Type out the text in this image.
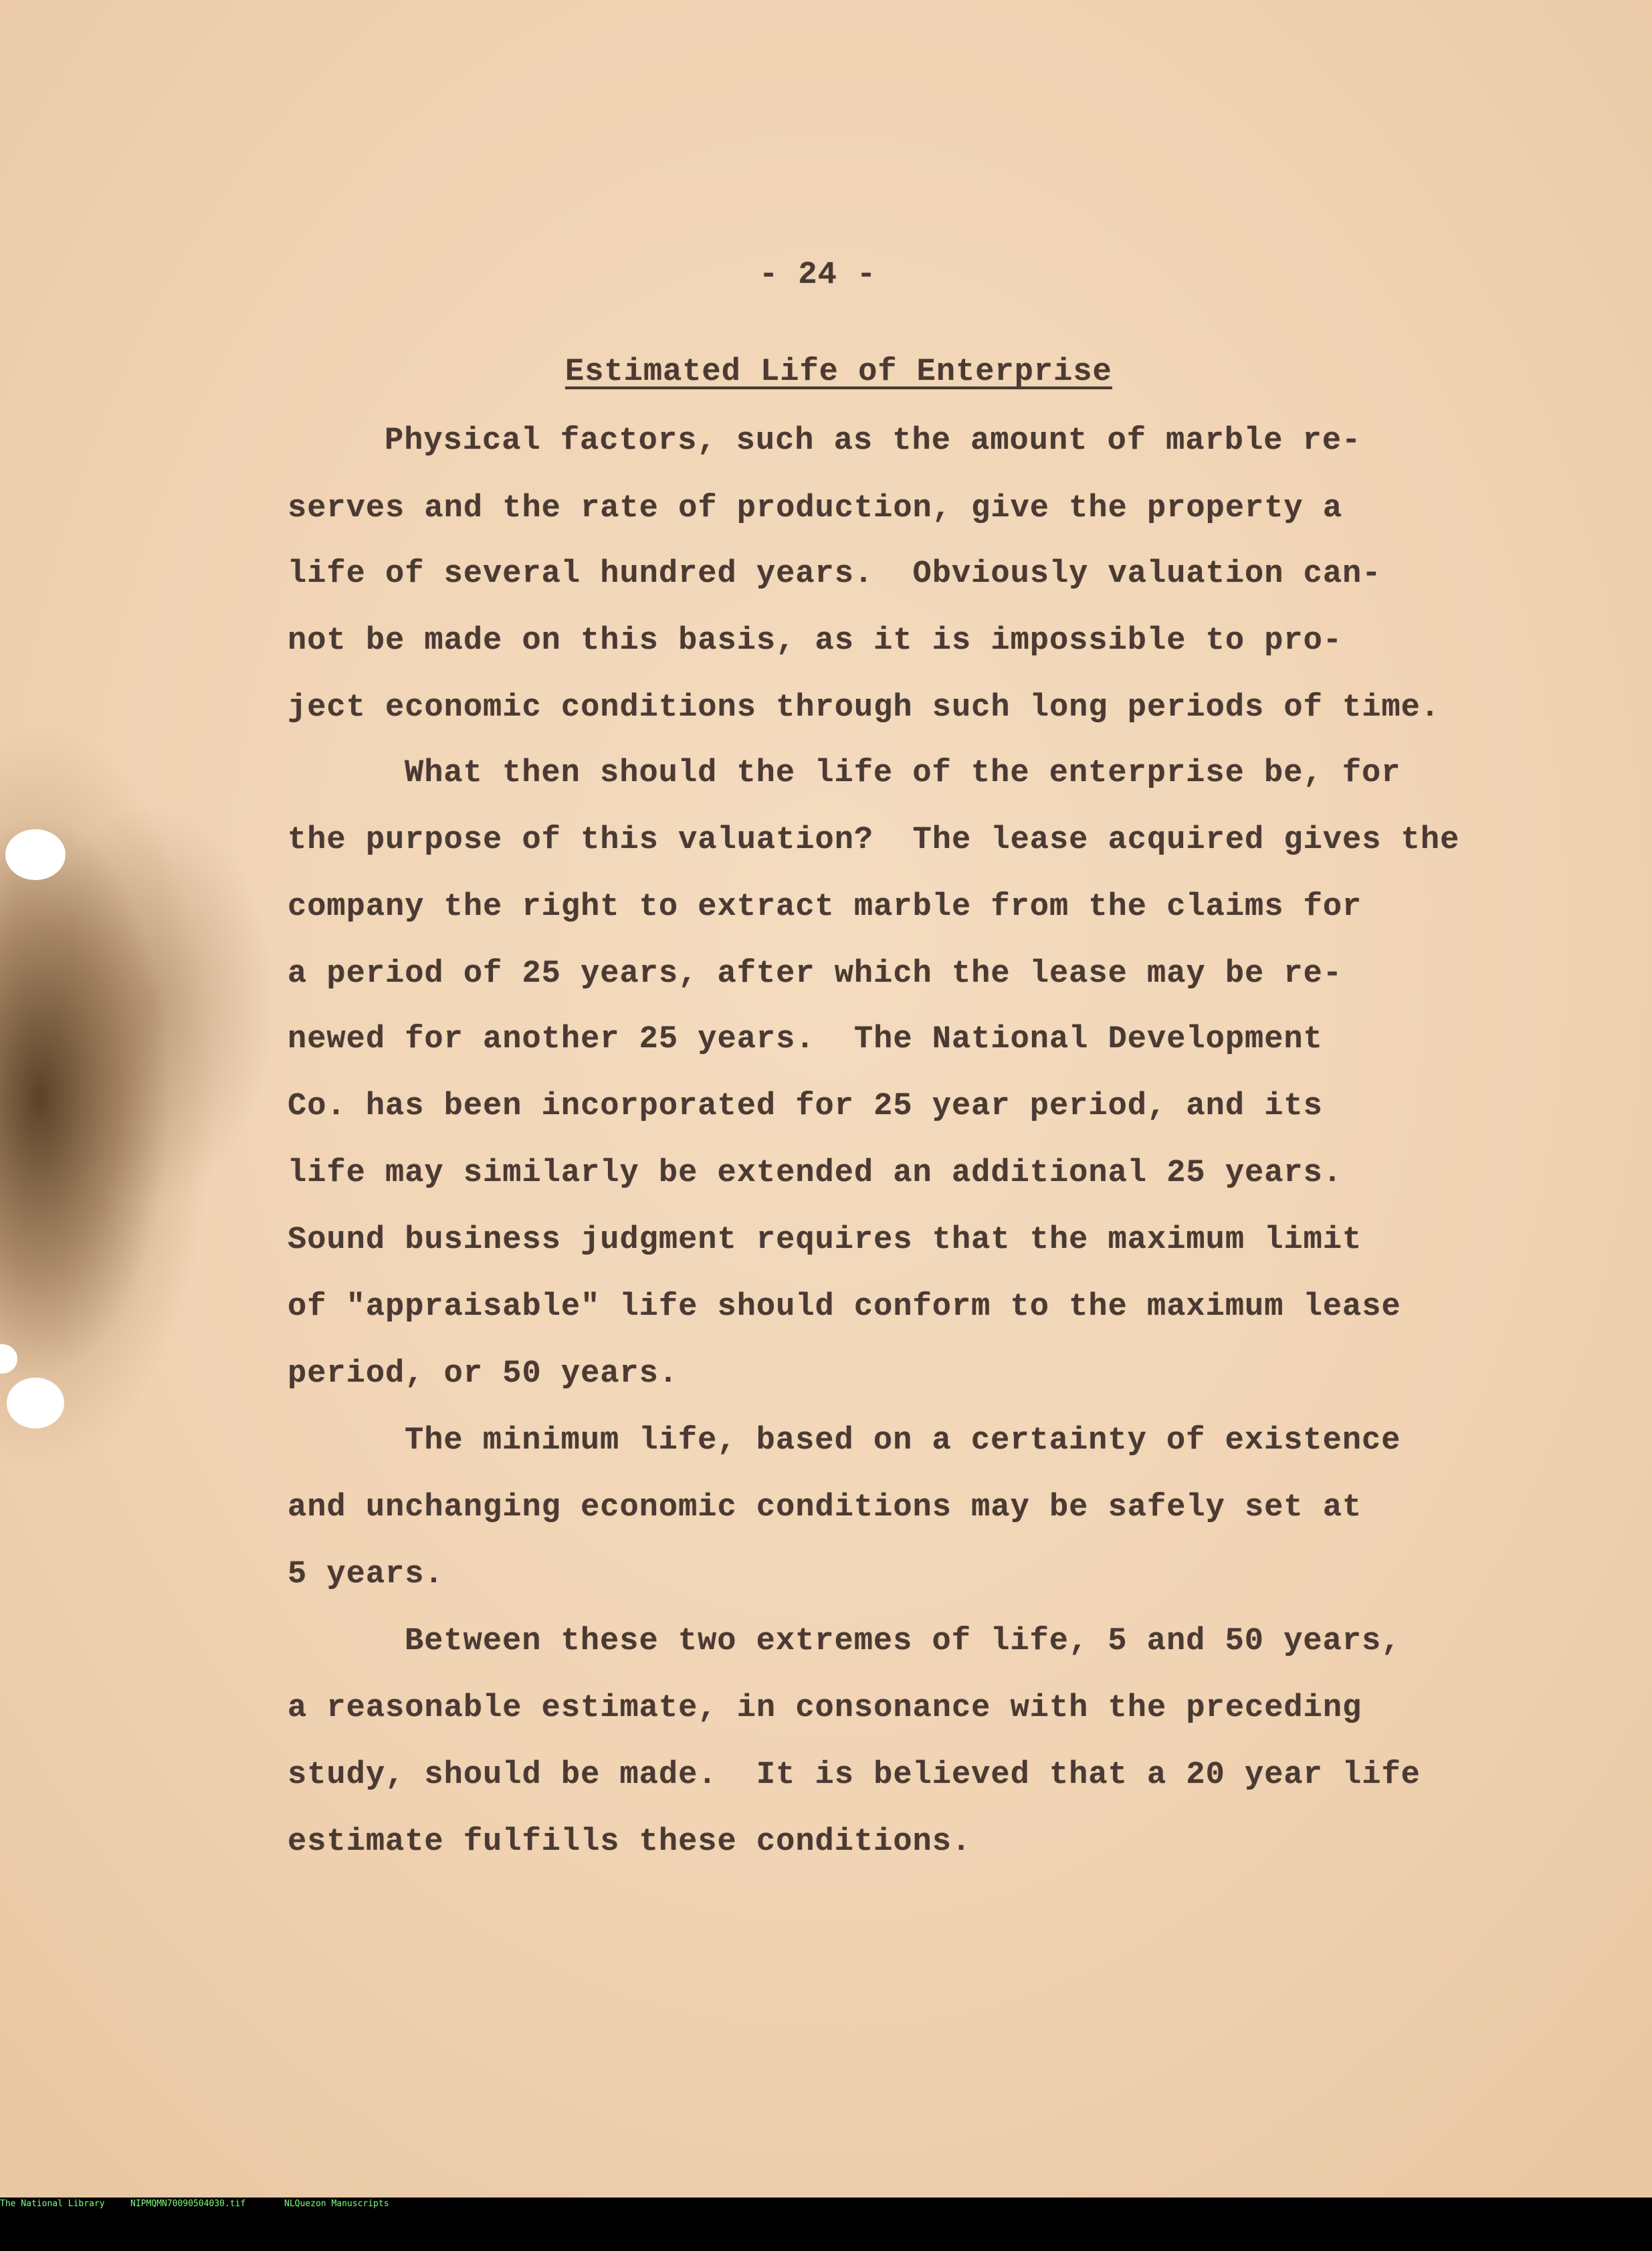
- 24 -
Estimated Life of Enterprise
Physical factors, such as the amount of marble re-
serves and the rate of production, give the property a
life of several hundred years.  Obviously valuation can-
not be made on this basis, as it is impossible to pro-
ject economic conditions through such long periods of time.
What then should the life of the enterprise be, for
the purpose of this valuation?  The lease acquired gives the
company the right to extract marble from the claims for
a period of 25 years, after which the lease may be re-
newed for another 25 years.  The National Development
Co. has been incorporated for 25 year period, and its
life may similarly be extended an additional 25 years.
Sound business judgment requires that the maximum limit
of "appraisable" life should conform to the maximum lease
period, or 50 years.
The minimum life, based on a certainty of existence
and unchanging economic conditions may be safely set at
5 years.
Between these two extremes of life, 5 and 50 years,
a reasonable estimate, in consonance with the preceding
study, should be made.  It is believed that a 20 year life
estimate fulfills these conditions.

The National Library

	NIPMQMN70090504030.tif

	NLQuezon Manuscripts
